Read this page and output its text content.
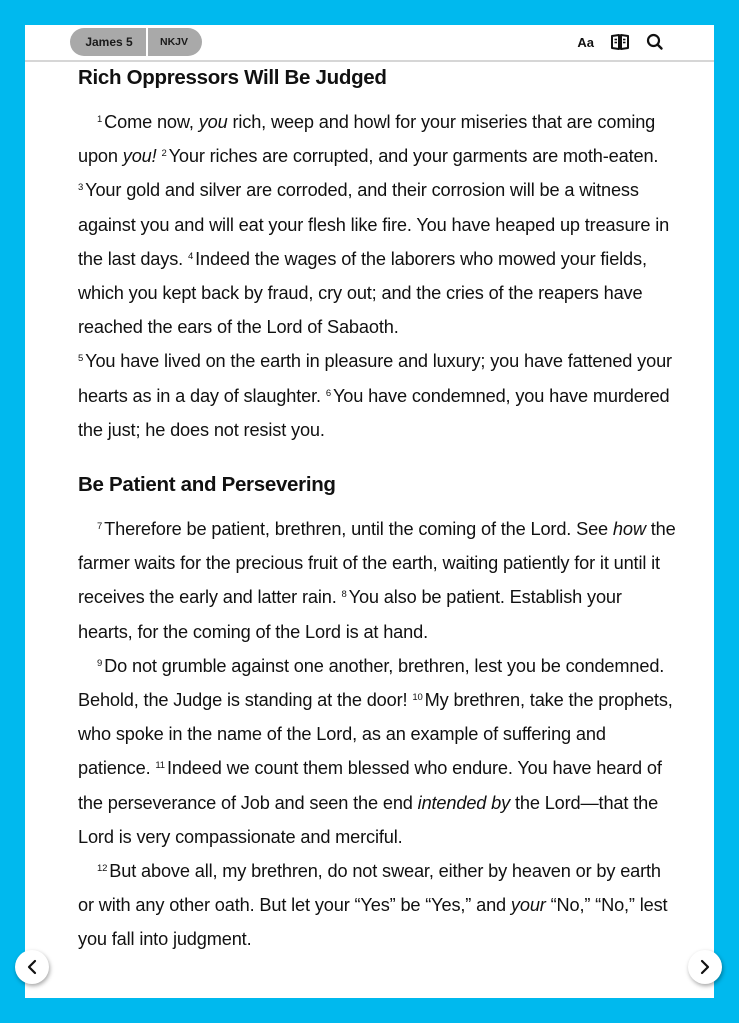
James 5	NKJV	Aa
Rich Oppressors Will Be Judged

$^1$ Come now, you rich, weep and howl for your miseries that are coming upon you! $^2$ Your riches are corrupted, and your garments are moth-eaten. $^3$ Your gold and silver are corroded, and their corrosion will be a witness against you and will eat your flesh like fire. You have heaped up treasure in the last days. $^4$ Indeed the wages of the laborers who mowed your fields, which you kept back by fraud, cry out; and the cries of the reapers have reached the ears of the Lord of Sabaoth.

$^5$ You have lived on the earth in pleasure and luxury; you have fattened your hearts as in a day of slaughter. $^6$ You have condemned, you have murdered the just; he does not resist you.

Be Patient and Persevering

$^7$ Therefore be patient, brethren, until the coming of the Lord. See how the farmer waits for the precious fruit of the earth, waiting patiently for it until it receives the early and latter rain. $^8$ You also be patient. Establish your hearts, for the coming of the Lord is at hand.

$^9$ Do not grumble against one another, brethren, lest you be condemned. Behold, the Judge is standing at the door! $^{10}$ My brethren, take the prophets, who spoke in the name of the Lord, as an example of suffering and patience. $^{11}$ Indeed we count them blessed who endure. You have heard of the perseverance of Job and seen the end intended by the Lord—that the Lord is very compassionate and merciful.

$^{12}$ But above all, my brethren, do not swear, either by heaven or by earth or with any other oath. But let your “Yes” be “Yes,” and your “No,” “No,” lest you fall into judgment.
